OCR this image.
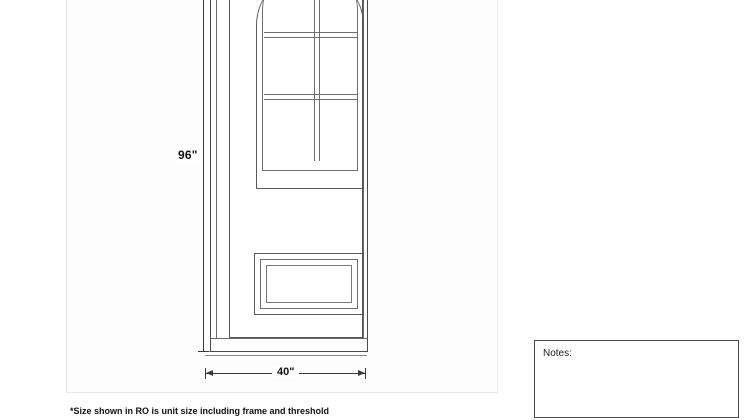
96"
40"
Notes:
*Size shown in RO is unit size including frame and threshold
